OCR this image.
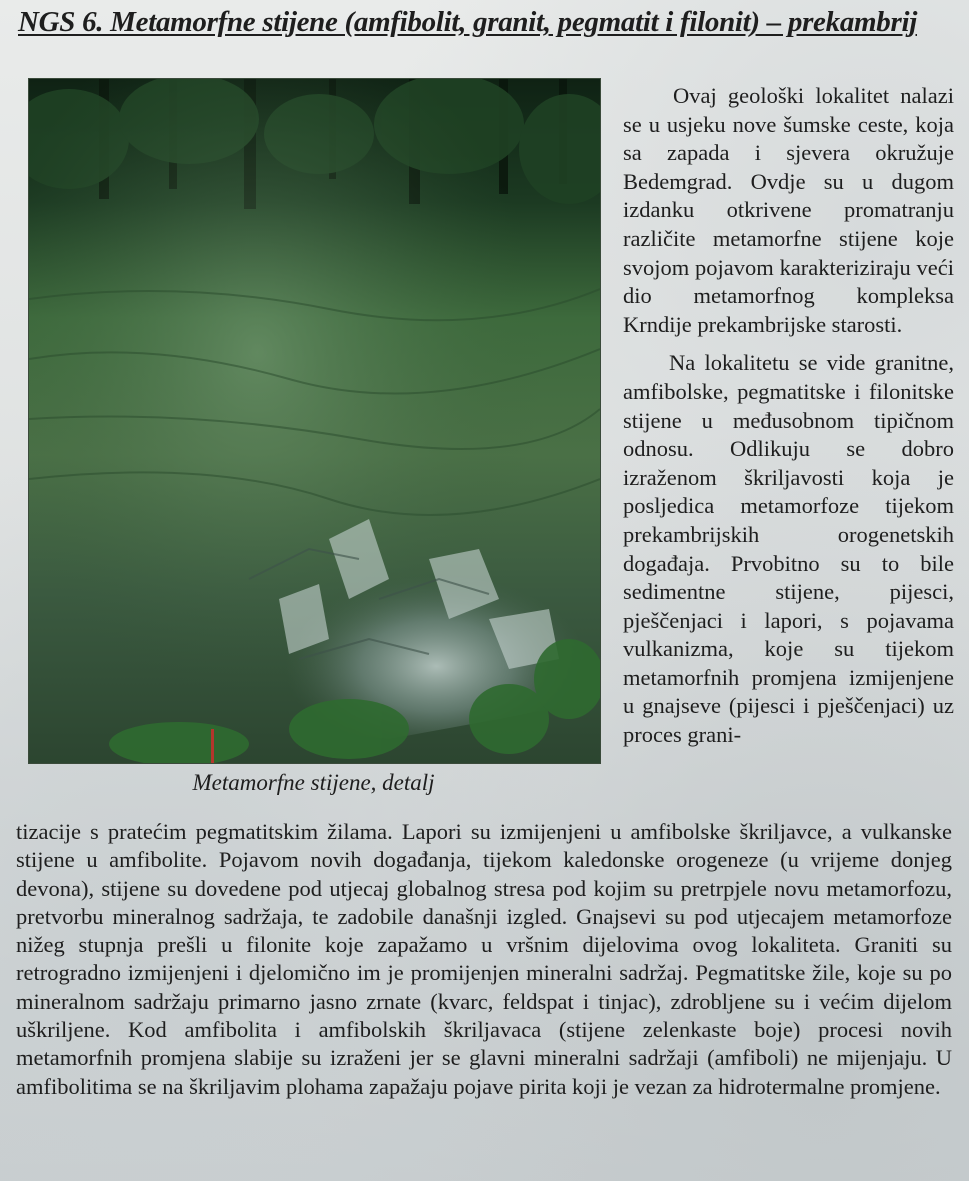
NGS 6. Metamorfne stijene (amfibolit, granit, pegmatit i filonit) – prekambrij

Metamorfne stijene, detalj

Ovaj geološki lokalitet nalazi se u usjeku nove šumske ceste, koja sa zapada i sjevera okružuje Bedemgrad. Ovdje su u dugom izdanku otkrivene promatranju različite metamorfne stijene koje svojom pojavom karakteriziraju veći dio metamorfnog kompleksa Krndije prekambrijske starosti.

Na lokalitetu se vide granitne, amfibolske, pegmatitske i filonitske stijene u međusobnom tipičnom odnosu. Odlikuju se dobro izraženom škriljavosti koja je posljedica metamorfoze tijekom prekambrijskih orogenetskih događaja. Prvobitno su to bile sedimentne stijene, pijesci, pješčenjaci i lapori, s pojavama vulkanizma, koje su tijekom metamorfnih promjena izmijenjene u gnajseve (pijesci i pješčenjaci) uz proces grani-

tizacije s pratećim pegmatitskim žilama. Lapori su izmijenjeni u amfibolske škriljavce, a vulkanske stijene u amfibolite. Pojavom novih događanja, tijekom kaledonske orogeneze (u vrijeme donjeg devona), stijene su dovedene pod utjecaj globalnog stresa pod kojim su pretrpjele novu metamorfozu, pretvorbu mineralnog sadržaja, te zadobile današnji izgled. Gnajsevi su pod utjecajem metamorfoze nižeg stupnja prešli u filonite koje zapažamo u vršnim dijelovima ovog lokaliteta. Graniti su retrogradno izmijenjeni i djelomično im je promijenjen mineralni sadržaj. Pegmatitske žile, koje su po mineralnom sadržaju primarno jasno zrnate (kvarc, feldspat i tinjac), zdrobljene su i većim dijelom uškriljene. Kod amfibolita i amfibolskih škriljavaca (stijene zelenkaste boje) procesi novih metamorfnih promjena slabije su izraženi jer se glavni mineralni sadržaji (amfiboli) ne mijenjaju. U amfibolitima se na škriljavim plohama zapažaju pojave pirita koji je vezan za hidrotermalne promjene.
